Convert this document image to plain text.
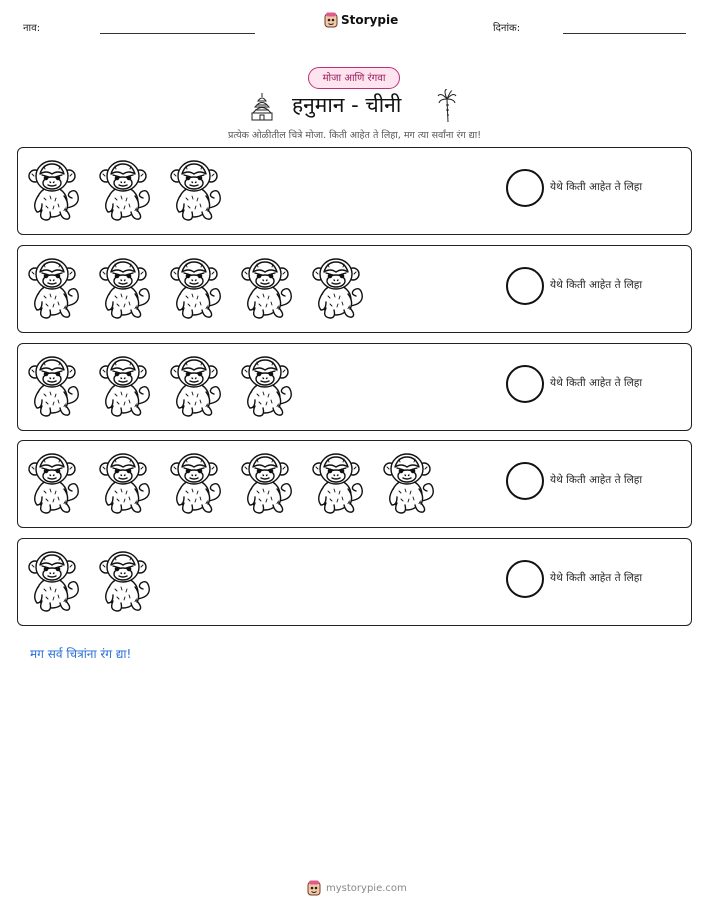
नाव:
Storypie
दिनांक:
मोजा आणि रंगवा
हनुमान - चीनी
प्रत्येक ओळीतील चित्रे मोजा. किती आहेत ते लिहा, मग त्या सर्वांना रंग द्या!
येथे किती आहेत ते लिहा
येथे किती आहेत ते लिहा
येथे किती आहेत ते लिहा
येथे किती आहेत ते लिहा
येथे किती आहेत ते लिहा
मग सर्व चित्रांना रंग द्या!
mystorypie.com
